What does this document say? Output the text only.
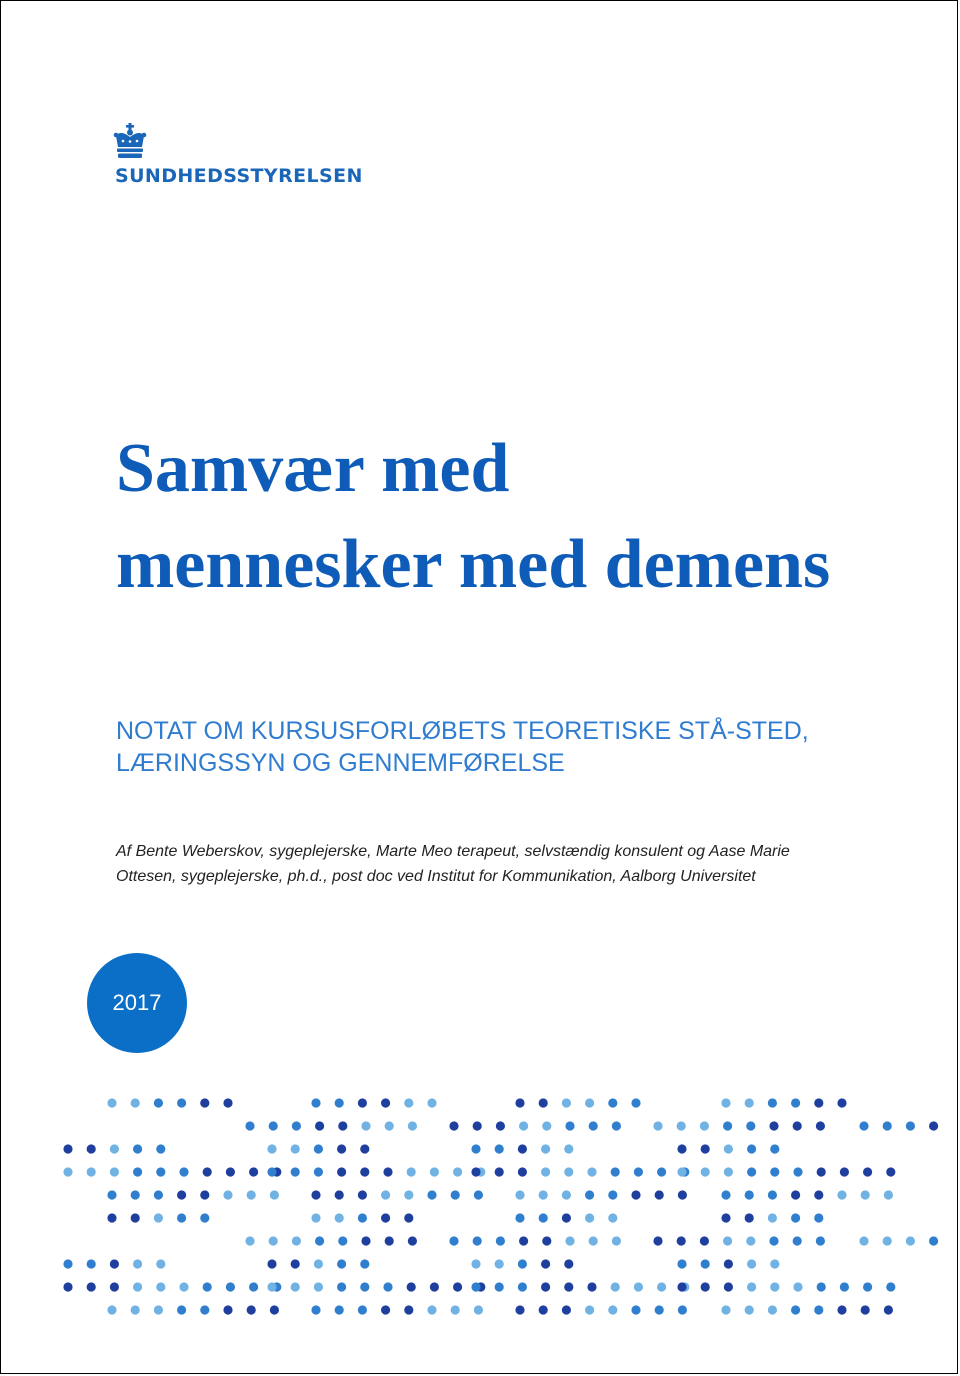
SUNDHEDSSTYRELSEN
Samvær med mennesker med demens

NOTAT OM KURSUSFORLØBETS TEORETISKE STÅ-STED, LÆRINGSSYN OG GENNEMFØRELSE

Af Bente Weberskov, sygeplejerske, Marte Meo terapeut, selvstændig konsulent og Aase Marie Ottesen, sygeplejerske, ph.d., post doc ved Institut for Kommunikation, Aalborg Universitet

2017
